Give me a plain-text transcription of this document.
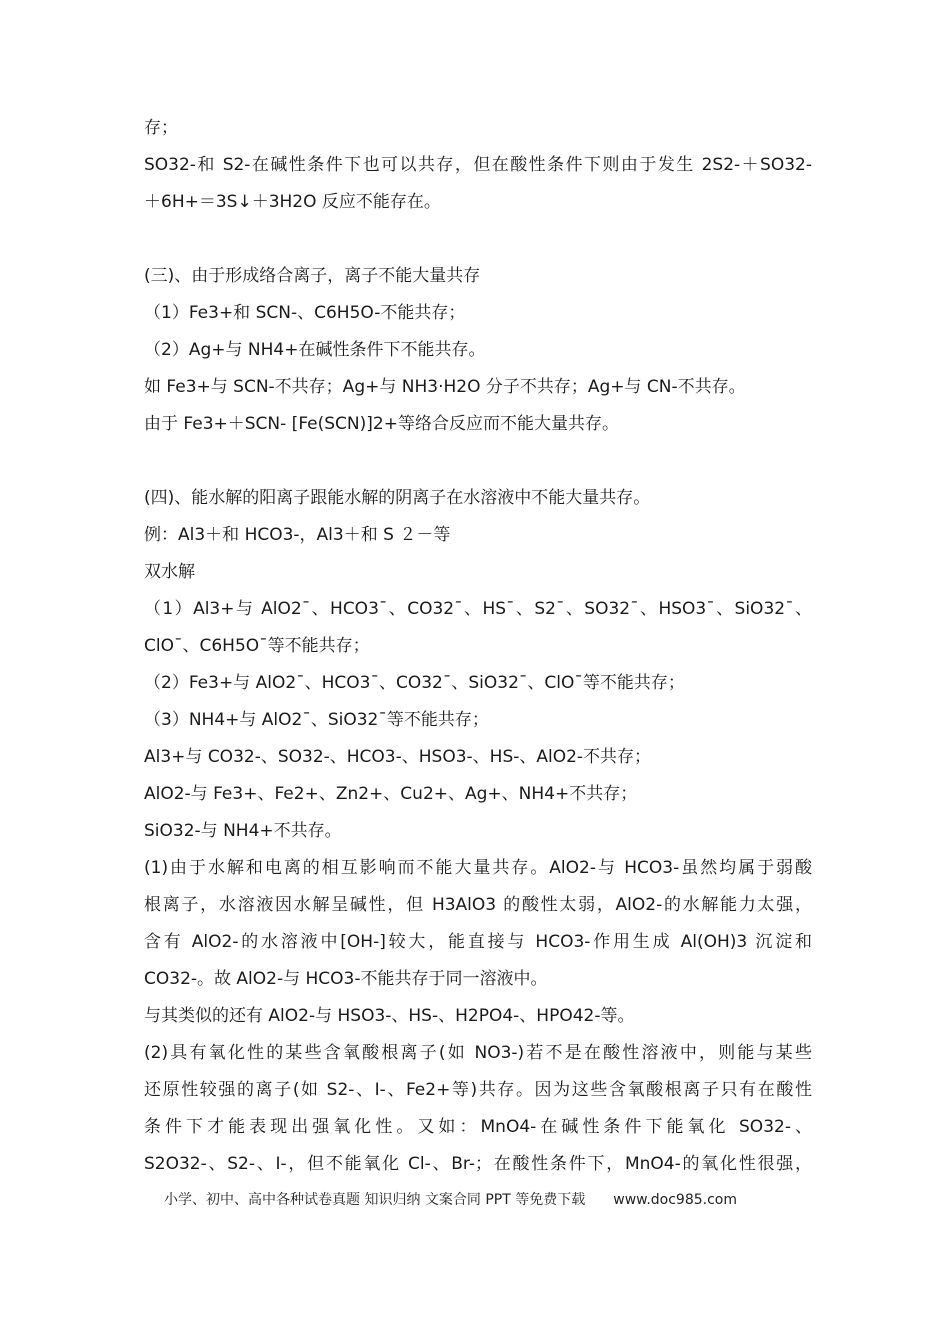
存；
SO32-和 S2-在碱性条件下也可以共存，但在酸性条件下则由于发生 2S2-＋SO32-
＋6H+＝3S↓＋3H2O 反应不能存在。
(三)、由于形成络合离子，离子不能大量共存
（1）Fe3+和 SCN-、C6H5O-不能共存；
（2）Ag+与 NH4+在碱性条件下不能共存。
如 Fe3+与 SCN-不共存；Ag+与 NH3·H2O 分子不共存；Ag+与 CN-不共存。
由于 Fe3+＋SCN- [Fe(SCN)]2+等络合反应而不能大量共存。
(四)、能水解的阳离子跟能水解的阴离子在水溶液中不能大量共存。
例：Al3＋和 HCO3-，Al3＋和 S ２－等
双水解
（1）Al3+与 AlO2ˉ、HCO3ˉ、CO32ˉ、HSˉ、S2ˉ、SO32ˉ、HSO3ˉ、SiO32ˉ、
ClOˉ、C6H5Oˉ等不能共存；
（2）Fe3+与 AlO2ˉ、HCO3ˉ、CO32ˉ、SiO32ˉ、ClOˉ等不能共存；
（3）NH4+与 AlO2ˉ、SiO32ˉ等不能共存；
Al3+与 CO32-、SO32-、HCO3-、HSO3-、HS-、AlO2-不共存；
AlO2-与 Fe3+、Fe2+、Zn2+、Cu2+、Ag+、NH4+不共存；
SiO32-与 NH4+不共存。
(1)由于水解和电离的相互影响而不能大量共存。AlO2-与 HCO3-虽然均属于弱酸
根离子，水溶液因水解呈碱性，但 H3AlO3 的酸性太弱，AlO2-的水解能力太强，
含有 AlO2-的水溶液中[OH-]较大，能直接与 HCO3-作用生成 Al(OH)3 沉淀和
CO32-。故 AlO2-与 HCO3-不能共存于同一溶液中。
与其类似的还有 AlO2-与 HSO3-、HS-、H2PO4-、HPO42-等。
(2)具有氧化性的某些含氧酸根离子(如 NO3-)若不是在酸性溶液中，则能与某些
还原性较强的离子(如 S2-、I-、Fe2+等)共存。因为这些含氧酸根离子只有在酸性
条件下才能表现出强氧化性。又如：MnO4-在碱性条件下能氧化 SO32-、
S2O32-、S2-、I-，但不能氧化 Cl-、Br-；在酸性条件下，MnO4-的氧化性很强，
小学、初中、高中各种试卷真题 知识归纳 文案合同 PPT 等免费下载 www.doc985.com
